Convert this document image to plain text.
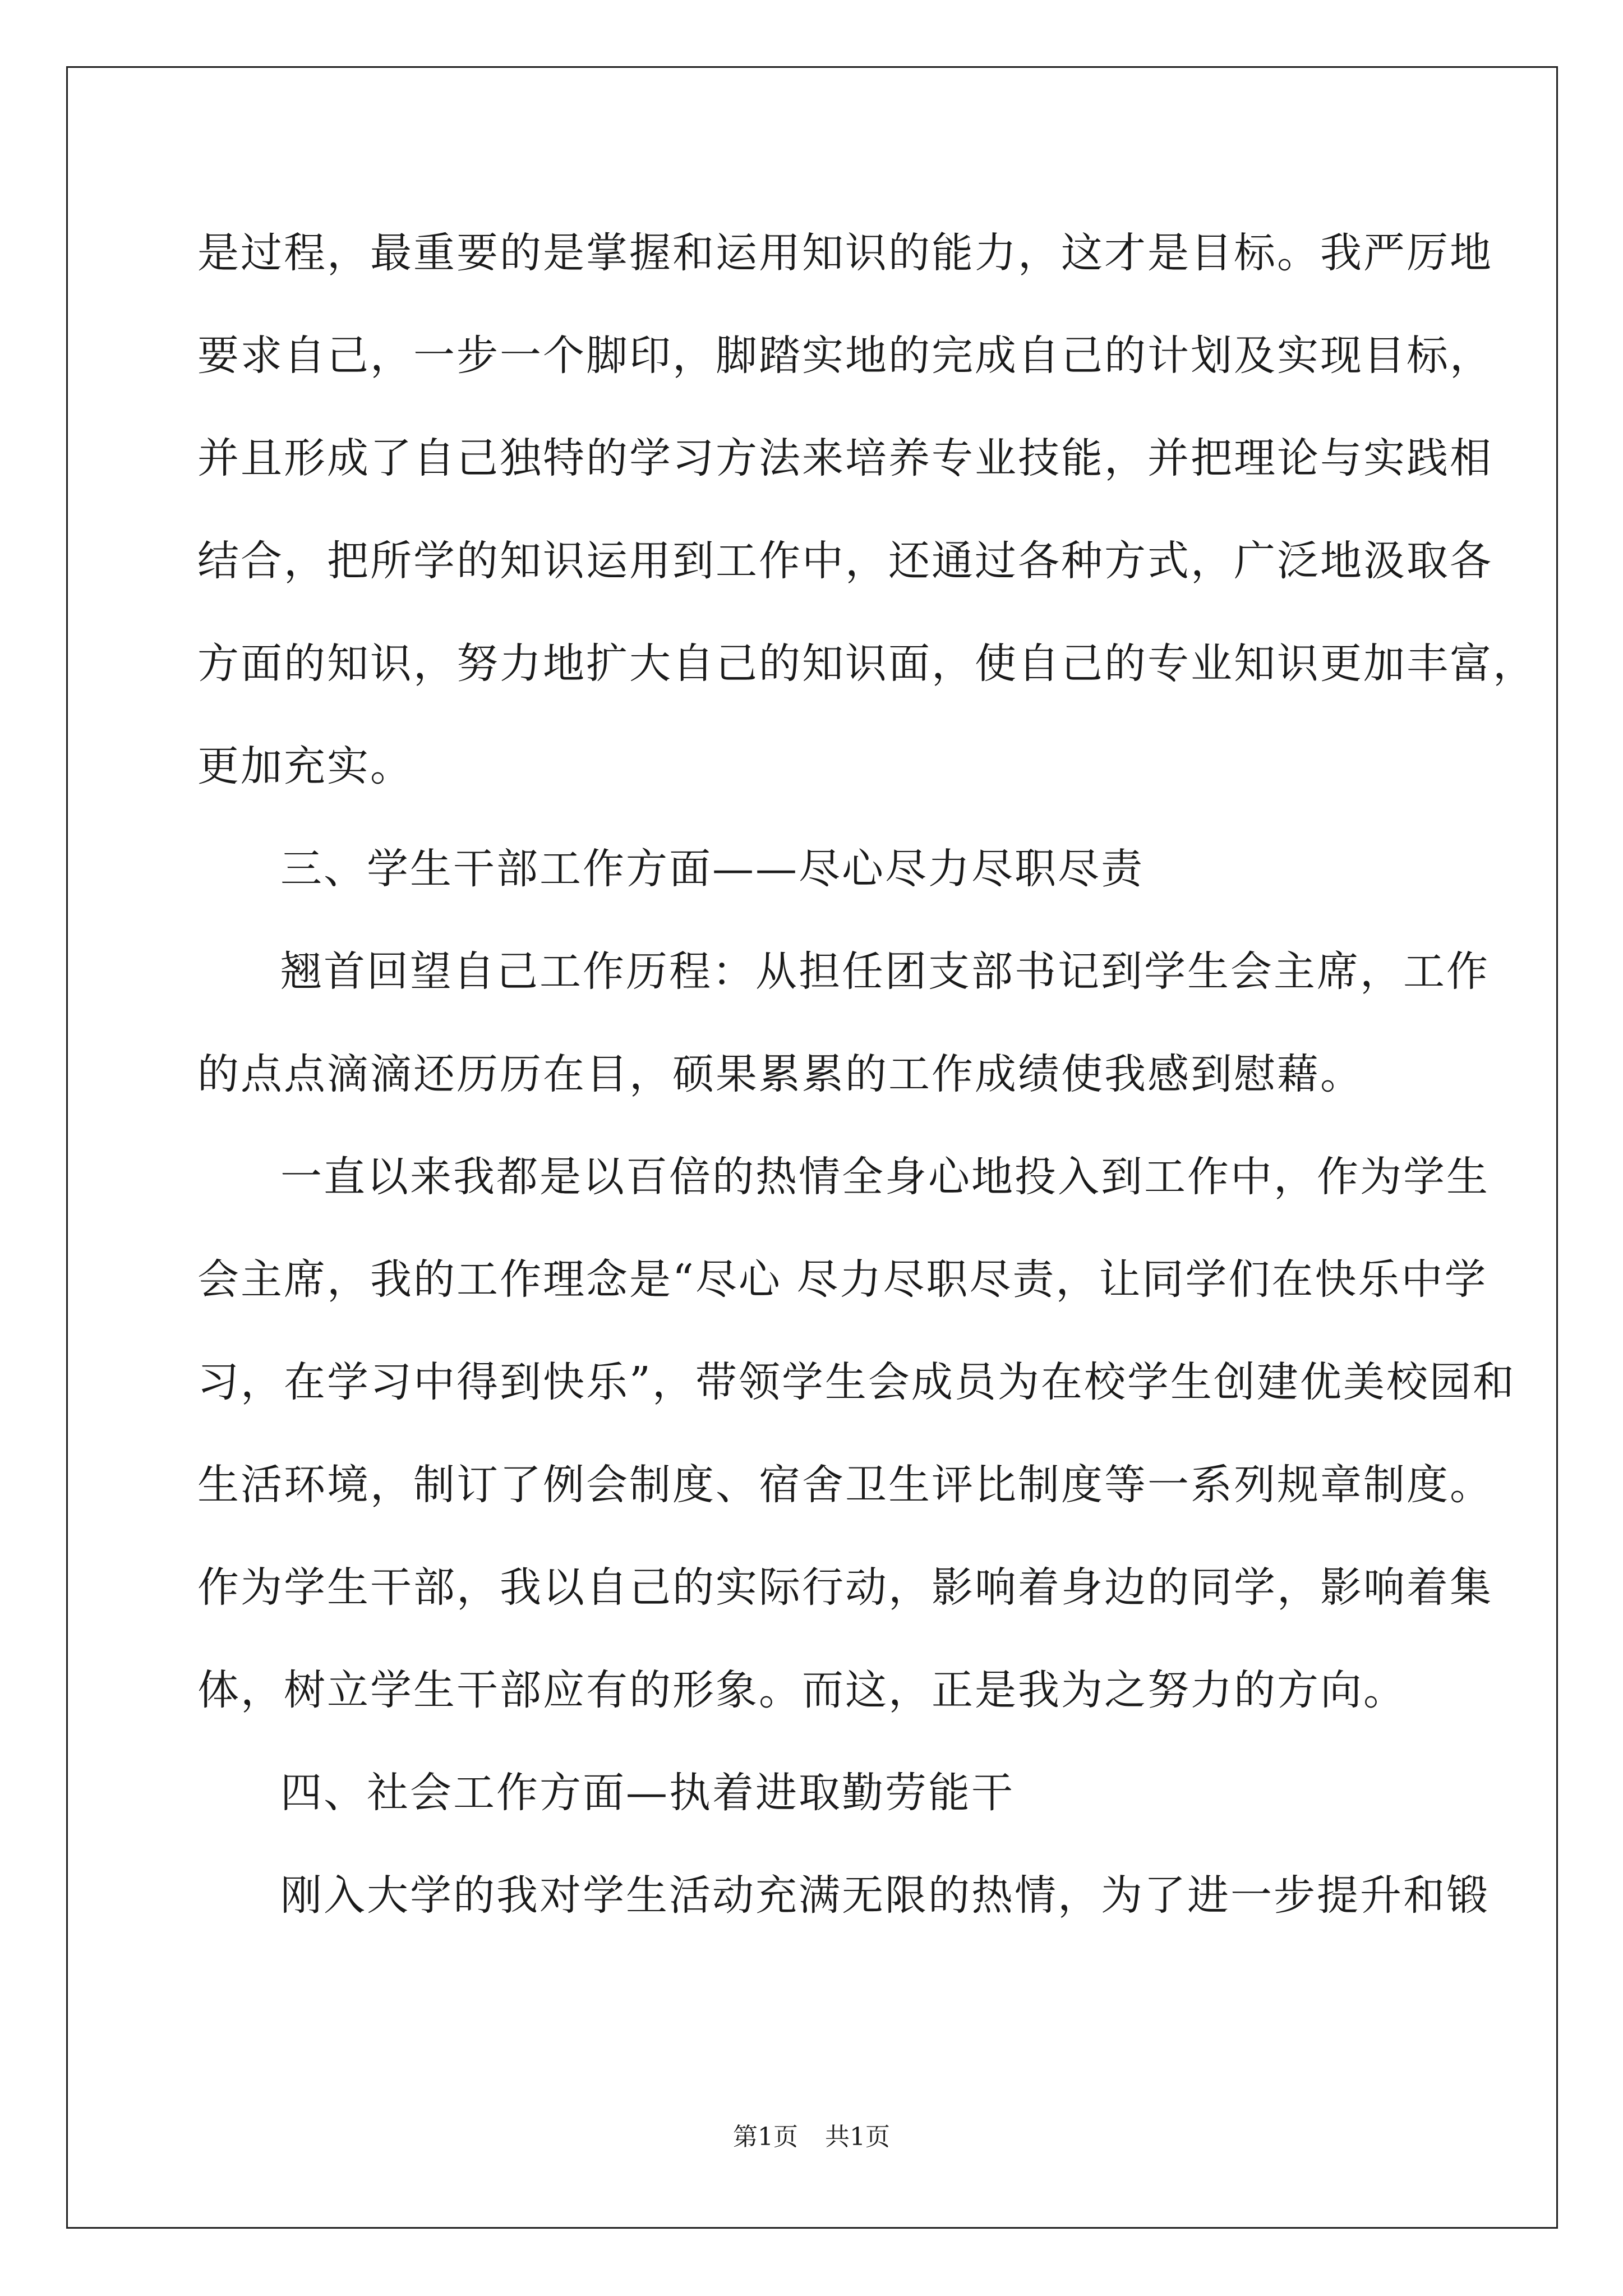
是过程，最重要的是掌握和运用知识的能力，这才是目标。我严厉地
要求自己，一步一个脚印，脚踏实地的完成自己的计划及实现目标，
并且形成了自己独特的学习方法来培养专业技能，并把理论与实践相
结合，把所学的知识运用到工作中，还通过各种方式，广泛地汲取各
方面的知识，努力地扩大自己的知识面，使自己的专业知识更加丰富，
更加充实。
三、学生干部工作方面——尽心尽力尽职尽责
翘首回望自己工作历程：从担任团支部书记到学生会主席，工作
的点点滴滴还历历在目，硕果累累的工作成绩使我感到慰藉。
一直以来我都是以百倍的热情全身心地投入到工作中，作为学生
会主席，我的工作理念是“尽心 尽力尽职尽责，让同学们在快乐中学
习，在学习中得到快乐”，带领学生会成员为在校学生创建优美校园和
生活环境，制订了例会制度、宿舍卫生评比制度等一系列规章制度。
作为学生干部，我以自己的实际行动，影响着身边的同学，影响着集
体，树立学生干部应有的形象。而这，正是我为之努力的方向。
四、社会工作方面—执着进取勤劳能干
刚入大学的我对学生活动充满无限的热情，为了进一步提升和锻
第1页 共1页
